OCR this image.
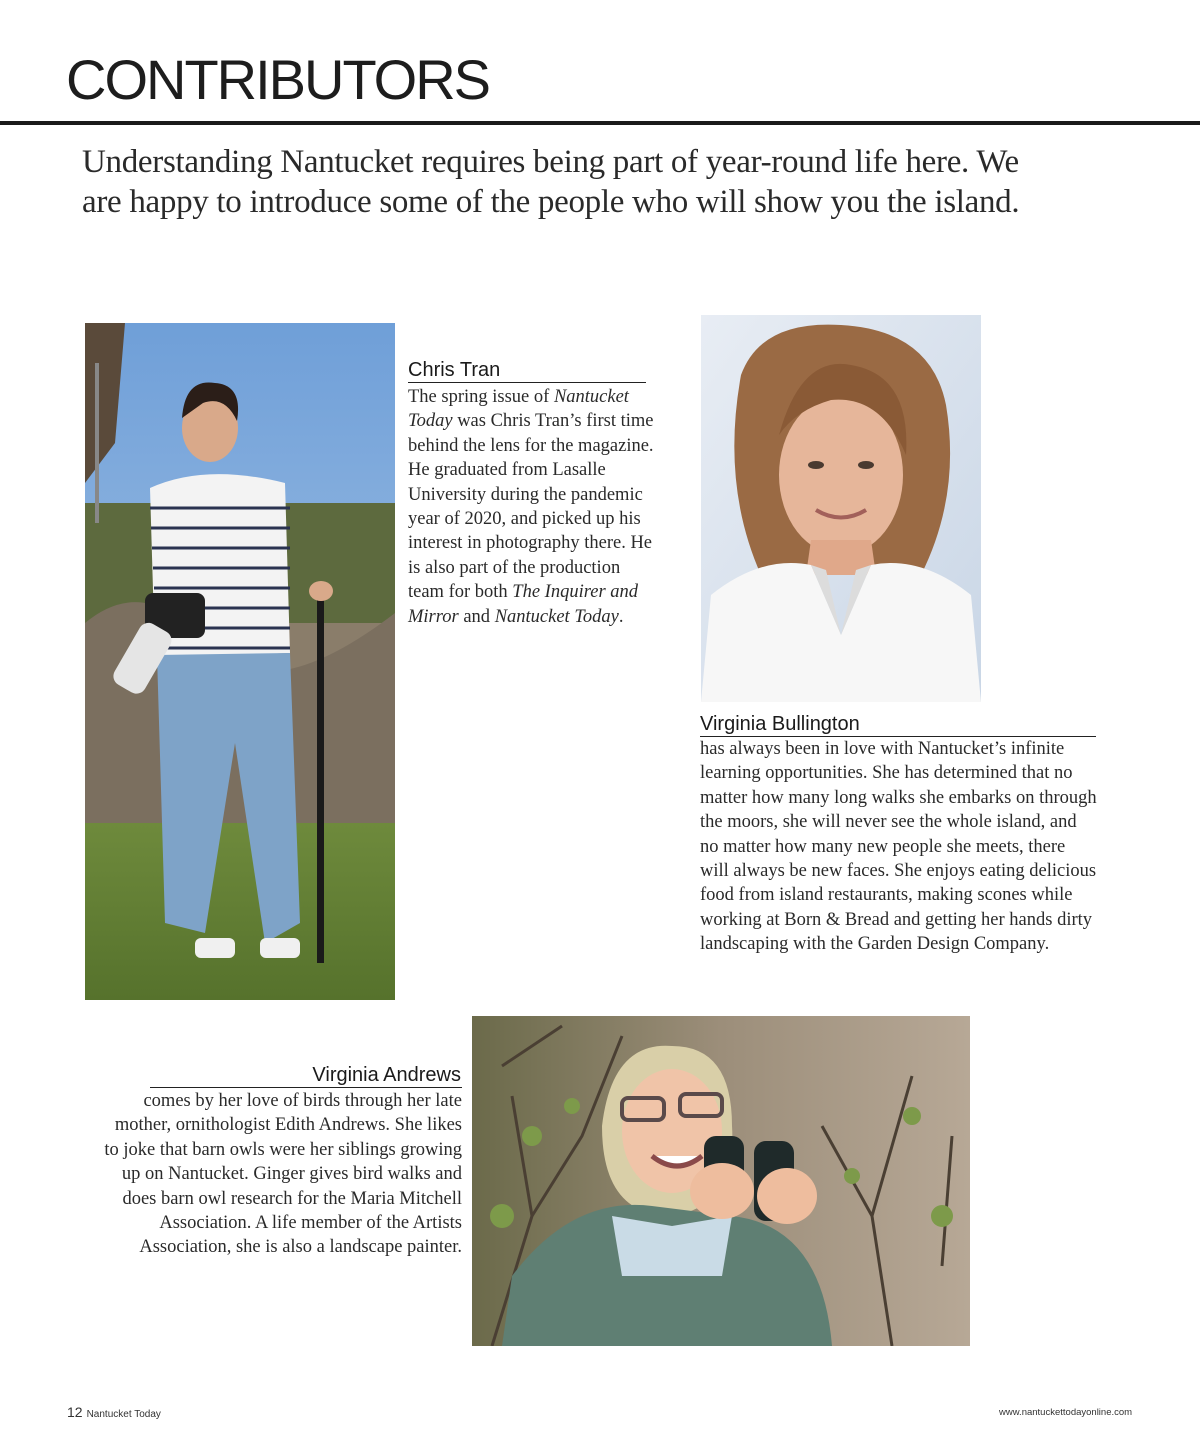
CONTRIBUTORS
Understanding Nantucket requires being part of year-round life here. We
are happy to introduce some of the people who will show you the island.
Chris Tran

The spring issue of Nantucket Today was Chris Tran’s first time behind the lens for the magazine. He graduated from Lasalle University during the pandemic year of 2020, and picked up his interest in photography there. He is also part of the production team for both The Inquirer and Mirror and Nantucket Today.

Virginia Bullington

has always been in love with Nantucket’s infinite learning opportunities. She has determined that no matter how many long walks she embarks on through the moors, she will never see the whole island, and no matter how many new people she meets, there will always be new faces. She enjoys eating delicious food from island restaurants, making scones while working at Born & Bread and getting her hands dirty landscaping with the Garden Design Company.

Virginia Andrews

comes by her love of birds through her late mother, ornithologist Edith Andrews. She likes to joke that barn owls were her siblings growing up on Nantucket. Ginger gives bird walks and does barn owl research for the Maria Mitchell Association. A life member of the Artists Association, she is also a landscape painter.

12 Nantucket Today	www.nantuckettodayonline.com
